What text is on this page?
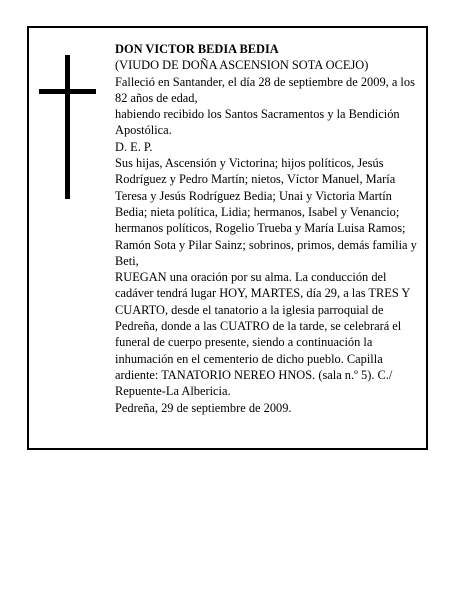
DON VICTOR BEDIA BEDIA

(VIUDO DE DOÑA ASCENSION SOTA OCEJO)

Falleció en Santander, el día 28 de septiembre de 2009, a los 82 años de edad,

habiendo recibido los Santos Sacramentos y la Bendición Apostólica.

D. E. P.

Sus hijas, Ascensión y Victorina; hijos políticos, Jesús Rodríguez y Pedro Martín; nietos, Víctor Manuel, María Teresa y Jesús Rodríguez Bedia; Unai y Victoria Martín Bedia; nieta política, Lidia; hermanos, Isabel y Venancio; hermanos políticos, Rogelio Trueba y María Luisa Ramos; Ramón Sota y Pilar Sainz; sobrinos, primos, demás familia y Beti,

RUEGAN una oración por su alma. La conducción del cadáver tendrá lugar HOY, MARTES, día 29, a las TRES Y CUARTO, desde el tanatorio a la iglesia parroquial de Pedreña, donde a las CUATRO de la tarde, se celebrará el funeral de cuerpo presente, siendo a continuación la inhumación en el cementerio de dicho pueblo. Capilla ardiente: TANATORIO NEREO HNOS. (sala n.º 5). C./ Repuente-La Albericia.

Pedreña, 29 de septiembre de 2009.
